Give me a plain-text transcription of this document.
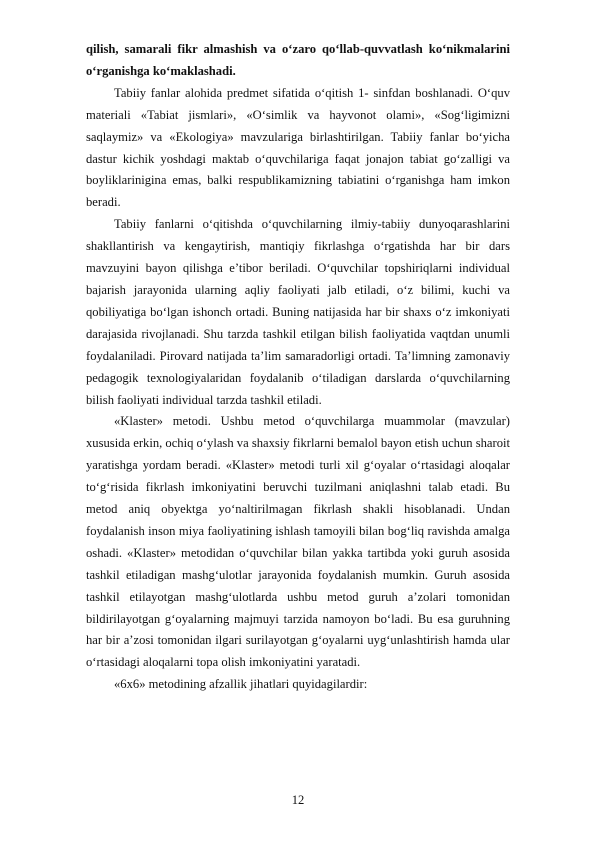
qilish, samarali fikr almashish va o‘zaro qo‘llab-quvvatlash ko‘nikmalarini o‘rganishga ko‘maklashadi.

Tabiiy fanlar alohida predmet sifatida o‘qitish 1- sinfdan boshlanadi. O‘quv materiali «Tabiat jismlari», «O‘simlik va hayvonot olami», «Sog‘ligimizni saqlaymiz» va «Ekologiya» mavzulariga birlashtirilgan. Tabiiy fanlar bo‘yicha dastur kichik yoshdagi maktab o‘quvchilariga faqat jonajon tabiat go‘zalligi va boyliklarinigina emas, balki respublikamizning tabiatini o‘rganishga ham imkon beradi.

Tabiiy fanlarni o‘qitishda o‘quvchilarning ilmiy-tabiiy dunyoqarashlarini shakllantirish va kengaytirish, mantiqiy fikrlashga o‘rgatishda har bir dars mavzuyini bayon qilishga e’tibor beriladi. O‘quvchilar topshiriqlarni individual bajarish jarayonida ularning aqliy faoliyati jalb etiladi, o‘z bilimi, kuchi va qobiliyatiga bo‘lgan ishonch ortadi. Buning natijasida har bir shaxs o‘z imkoniyati darajasida rivojlanadi. Shu tarzda tashkil etilgan bilish faoliyatida vaqtdan unumli foydalaniladi. Pirovard natijada ta’lim samaradorligi ortadi. Ta’limning zamonaviy pedagogik texnologiyalaridan foydalanib o‘tiladigan darslarda o‘quvchilarning bilish faoliyati individual tarzda tashkil etiladi.

«Klaster» metodi. Ushbu metod o‘quvchilarga muammolar (mavzular) xususida erkin, ochiq o‘ylash va shaxsiy fikrlarni bemalol bayon etish uchun sharoit yaratishga yordam beradi. «Klaster» metodi turli xil g‘oyalar o‘rtasidagi aloqalar to‘g‘risida fikrlash imkoniyatini beruvchi tuzilmani aniqlashni talab etadi. Bu metod aniq obyektga yo‘naltirilmagan fikrlash shakli hisoblanadi. Undan foydalanish inson miya faoliyatining ishlash tamoyili bilan bog‘liq ravishda amalga oshadi. «Klaster» metodidan o‘quvchilar bilan yakka tartibda yoki guruh asosida tashkil etiladigan mashg‘ulotlar jarayonida foydalanish mumkin. Guruh asosida tashkil etilayotgan mashg‘ulotlarda ushbu metod guruh a’zolari tomonidan bildirilayotgan g‘oyalarning majmuyi tarzida namoyon bo‘ladi. Bu esa guruhning har bir a’zosi tomonidan ilgari surilayotgan g‘oyalarni uyg‘unlashtirish hamda ular o‘rtasidagi aloqalarni topa olish imkoniyatini yaratadi.

«6x6» metodining afzallik jihatlari quyidagilardir:

12
